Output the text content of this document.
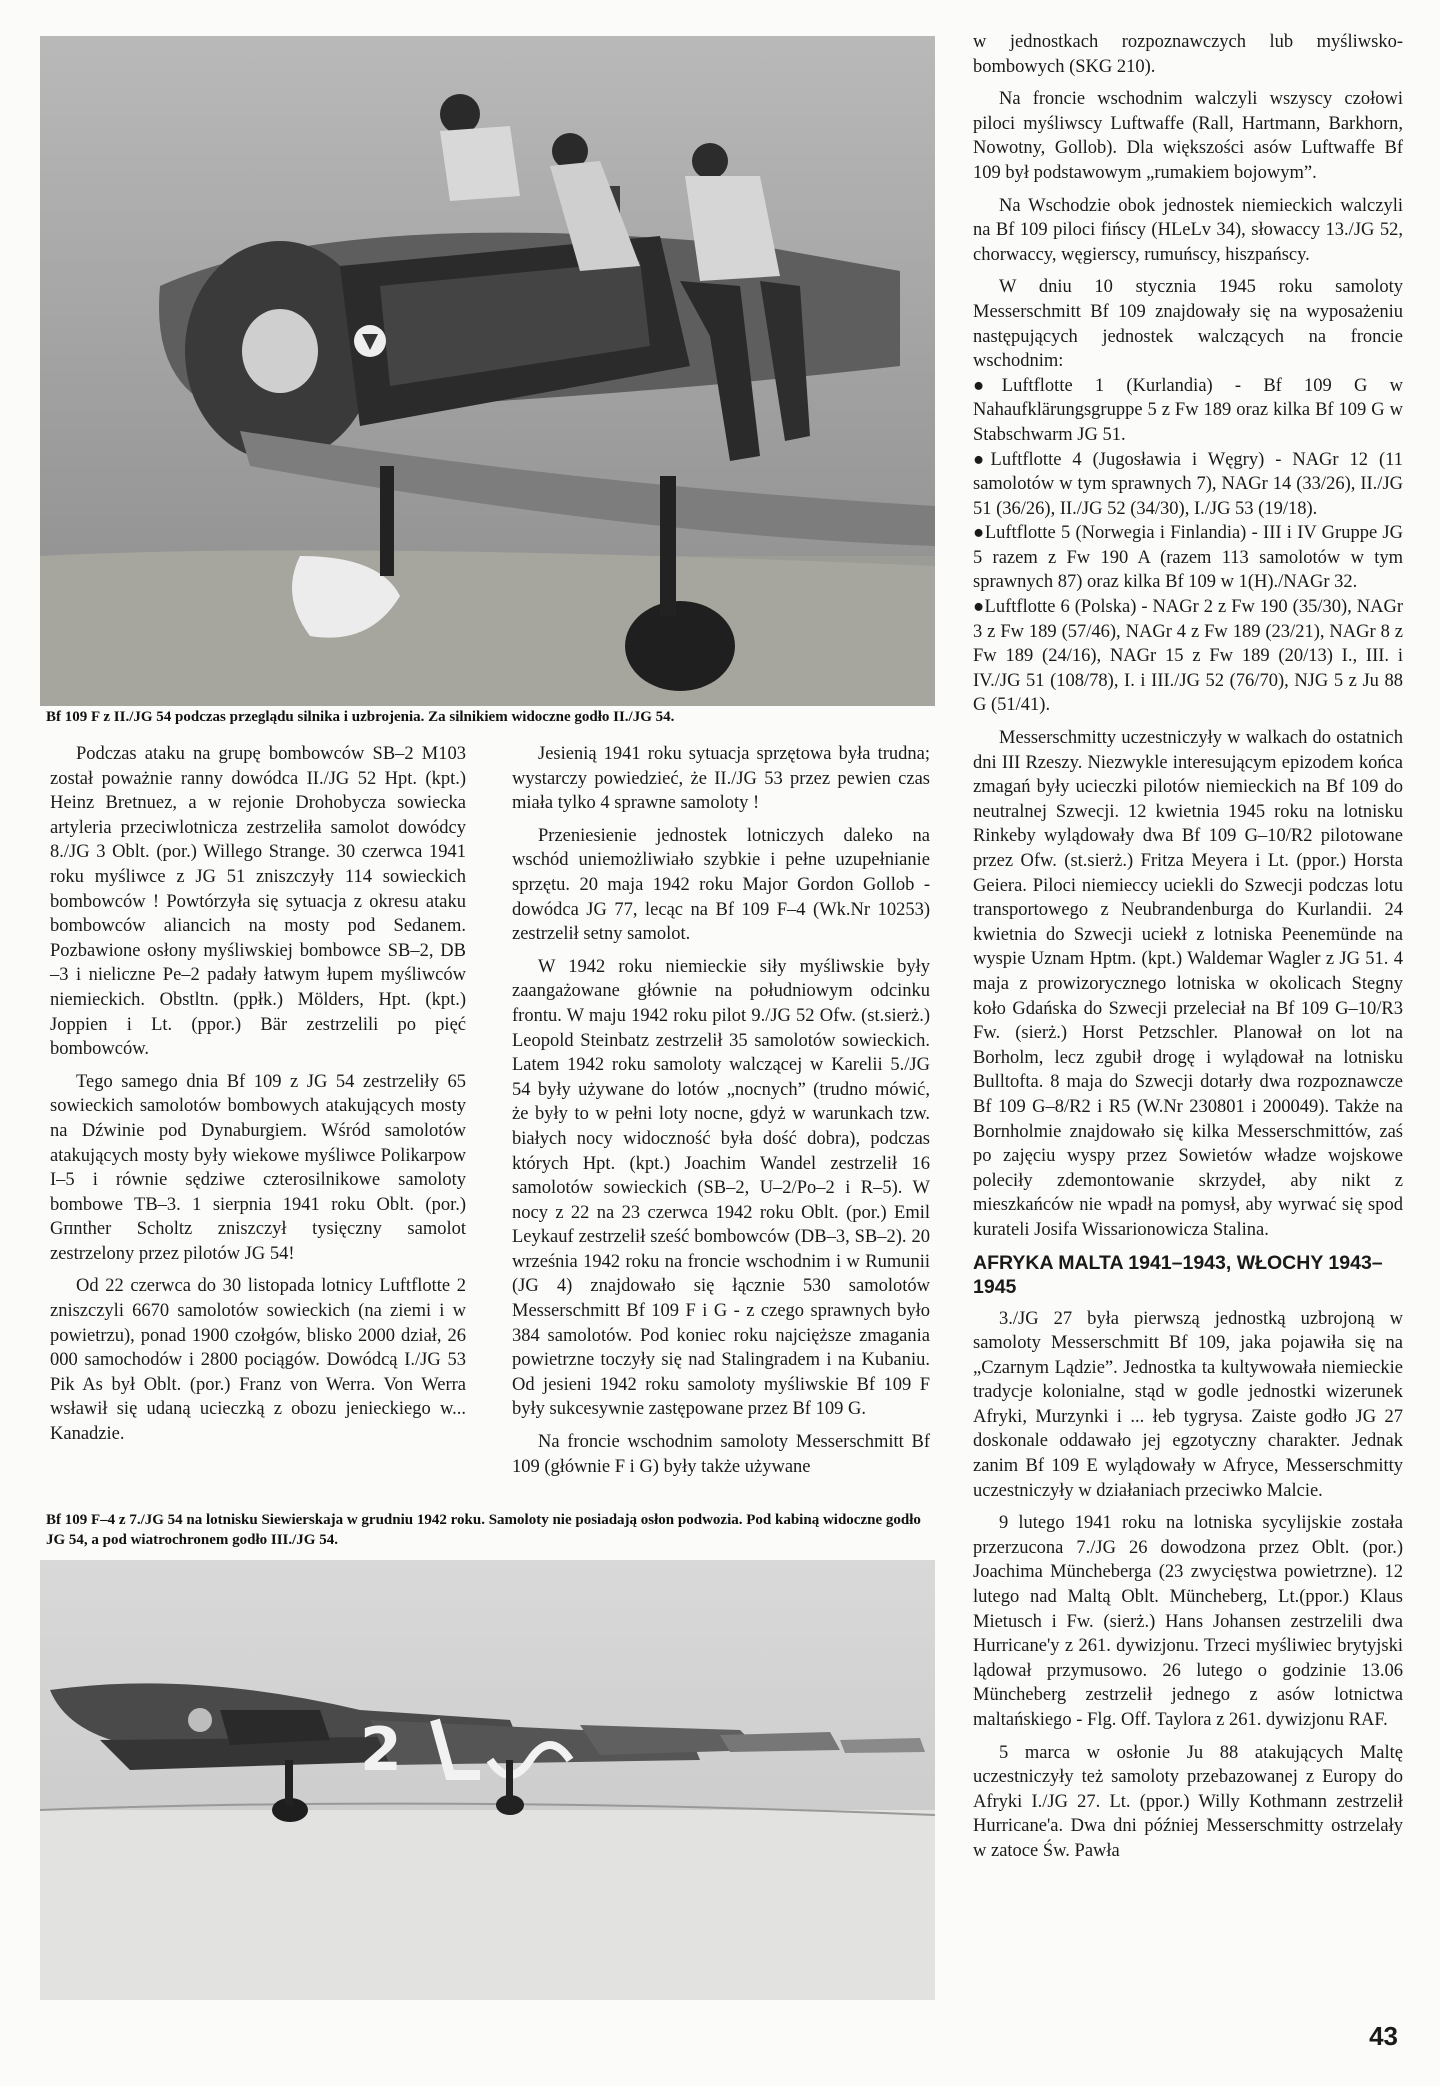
Bf 109 F z II./JG 54 podczas przeglądu silnika i uzbrojenia. Za silnikiem widoczne godło II./JG 54.

Podczas ataku na grupę bombowców SB–2 M103 został poważnie ranny dowódca II./JG 52 Hpt. (kpt.) Heinz Bretnuez, a w rejonie Drohobycza sowiecka artyleria przeciwlotnicza zestrzeliła samolot dowódcy 8./JG 3 Oblt. (por.) Willego Strange. 30 czerwca 1941 roku myśliwce z JG 51 zniszczyły 114 sowieckich bombowców ! Powtórzyła się sytuacja z okresu ataku bombowców aliancich na mosty pod Sedanem. Pozbawione osłony myśliwskiej bombowce SB–2, DB –3 i nieliczne Pe–2 padały łatwym łupem myśliwców niemieckich. Obstltn. (ppłk.) Mölders, Hpt. (kpt.) Joppien i Lt. (ppor.) Bär zestrzelili po pięć bombowców.

Tego samego dnia Bf 109 z JG 54 zestrzeliły 65 sowieckich samolotów bombowych atakujących mosty na Dźwinie pod Dynaburgiem. Wśród samolotów atakujących mosty były wiekowe myśliwce Polikarpow I–5 i równie sędziwe czterosilnikowe samoloty bombowe TB–3. 1 sierpnia 1941 roku Oblt. (por.) Gпnther Scholtz zniszczył tysięczny samolot zestrzelony przez pilotów JG 54!

Od 22 czerwca do 30 listopada lotnicy Luftflotte 2 zniszczyli 6670 samolotów sowieckich (na ziemi i w powietrzu), ponad 1900 czołgów, blisko 2000 dział, 26 000 samochodów i 2800 pociągów. Dowódcą I./JG 53 Pik As był Oblt. (por.) Franz von Werra. Von Werra wsławił się udaną ucieczką z obozu jenieckiego w... Kanadzie.

Jesienią 1941 roku sytuacja sprzętowa była trudna; wystarczy powiedzieć, że II./JG 53 przez pewien czas miała tylko 4 sprawne samoloty !

Przeniesienie jednostek lotniczych daleko na wschód uniemożliwiało szybkie i pełne uzupełnianie sprzętu. 20 maja 1942 roku Major Gordon Gollob - dowódca JG 77, lecąc na Bf 109 F–4 (Wk.Nr 10253) zestrzelił setny samolot.

W 1942 roku niemieckie siły myśliwskie były zaangażowane głównie na południowym odcinku frontu. W maju 1942 roku pilot 9./JG 52 Ofw. (st.sierż.) Leopold Steinbatz zestrzelił 35 samolotów sowieckich. Latem 1942 roku samoloty walczącej w Karelii 5./JG 54 były używane do lotów „nocnych” (trudno mówić, że były to w pełni loty nocne, gdyż w warunkach tzw. białych nocy widoczność była dość dobra), podczas których Hpt. (kpt.) Joachim Wandel zestrzelił 16 samolotów sowieckich (SB–2, U–2/Po–2 i R–5). W nocy z 22 na 23 czerwca 1942 roku Oblt. (por.) Emil Leykauf zestrzelił sześć bombowców (DB–3, SB–2). 20 września 1942 roku na froncie wschodnim i w Rumunii (JG 4) znajdowało się łącznie 530 samolotów Messerschmitt Bf 109 F i G - z czego sprawnych było 384 samolotów. Pod koniec roku najcięższe zmagania powietrzne toczyły się nad Stalingradem i na Kubaniu. Od jesieni 1942 roku samoloty myśliwskie Bf 109 F były sukcesywnie zastępowane przez Bf 109 G.

Na froncie wschodnim samoloty Messerschmitt Bf 109 (głównie F i G) były także używane

Bf 109 F–4 z 7./JG 54 na lotnisku Siewierskaja w grudniu 1942 roku. Samoloty nie posiadają osłon podwozia. Pod kabiną widoczne godło JG 54, a pod wiatrochronem godło III./JG 54.
2

w jednostkach rozpoznawczych lub myśliwsko-bombowych (SKG 210).

Na froncie wschodnim walczyli wszyscy czołowi piloci myśliwscy Luftwaffe (Rall, Hartmann, Barkhorn, Nowotny, Gollob). Dla większości asów Luftwaffe Bf 109 był podstawowym „rumakiem bojowym”.

Na Wschodzie obok jednostek niemieckich walczyli na Bf 109 piloci fińscy (HLeLv 34), słowaccy 13./JG 52, chorwaccy, węgierscy, rumuńscy, hiszpańscy.

W dniu 10 stycznia 1945 roku samoloty Messerschmitt Bf 109 znajdowały się na wyposażeniu następujących jednostek walczących na froncie wschodnim:

●Luftflotte 1 (Kurlandia) - Bf 109 G w Nahaufklärungsgruppe 5 z Fw 189 oraz kilka Bf 109 G w Stabschwarm JG 51.

●Luftflotte 4 (Jugosławia i Węgry) - NAGr 12 (11 samolotów w tym sprawnych 7), NAGr 14 (33/26), II./JG 51 (36/26), II./JG 52 (34/30), I./JG 53 (19/18).

●Luftflotte 5 (Norwegia i Finlandia) - III i IV Gruppe JG 5 razem z Fw 190 A (razem 113 samolotów w tym sprawnych 87) oraz kilka Bf 109 w 1(H)./NAGr 32.

●Luftflotte 6 (Polska) - NAGr 2 z Fw 190 (35/30), NAGr 3 z Fw 189 (57/46), NAGr 4 z Fw 189 (23/21), NAGr 8 z Fw 189 (24/16), NAGr 15 z Fw 189 (20/13) I., III. i IV./JG 51 (108/78), I. i III./JG 52 (76/70), NJG 5 z Ju 88 G (51/41).

Messerschmitty uczestniczyły w walkach do ostatnich dni III Rzeszy. Niezwykle interesującym epizodem końca zmagań były ucieczki pilotów niemieckich na Bf 109 do neutralnej Szwecji. 12 kwietnia 1945 roku na lotnisku Rinkeby wylądowały dwa Bf 109 G–10/R2 pilotowane przez Ofw. (st.sierż.) Fritza Meyera i Lt. (ppor.) Horsta Geiera. Piloci niemieccy uciekli do Szwecji podczas lotu transportowego z Neubrandenburga do Kurlandii. 24 kwietnia do Szwecji uciekł z lotniska Peenemünde na wyspie Uznam Hptm. (kpt.) Waldemar Wagler z JG 51. 4 maja z prowizorycznego lotniska w okolicach Stegny koło Gdańska do Szwecji przeleciał na Bf 109 G–10/R3 Fw. (sierż.) Horst Petzschler. Planował on lot na Borholm, lecz zgubił drogę i wylądował na lotnisku Bulltofta. 8 maja do Szwecji dotarły dwa rozpoznawcze Bf 109 G–8/R2 i R5 (W.Nr 230801 i 200049). Także na Bornholmie znajdowało się kilka Messerschmittów, zaś po zajęciu wyspy przez Sowietów władze wojskowe poleciły zdemontowanie skrzydeł, aby nikt z mieszkańców nie wpadł na pomysł, aby wyrwać się spod kurateli Josifa Wissarionowicza Stalina.

AFRYKA MALTA 1941–1943, WŁOCHY 1943–1945

3./JG 27 była pierwszą jednostką uzbrojoną w samoloty Messerschmitt Bf 109, jaka pojawiła się na „Czarnym Lądzie”. Jednostka ta kultywowała niemieckie tradycje kolonialne, stąd w godle jednostki wizerunek Afryki, Murzynki i ... łeb tygrysa. Zaiste godło JG 27 doskonale oddawało jej egzotyczny charakter. Jednak zanim Bf 109 E wylądowały w Afryce, Messerschmitty uczestniczyły w działaniach przeciwko Malcie.

9 lutego 1941 roku na lotniska sycylijskie została przerzucona 7./JG 26 dowodzona przez Oblt. (por.) Joachima Müncheberga (23 zwycięstwa powietrzne). 12 lutego nad Maltą Oblt. Müncheberg, Lt.(ppor.) Klaus Mietusch i Fw. (sierż.) Hans Johansen zestrzelili dwa Hurricane'y z 261. dywizjonu. Trzeci myśliwiec brytyjski lądował przymusowo. 26 lutego o godzinie 13.06 Müncheberg zestrzelił jednego z asów lotnictwa maltańskiego - Flg. Off. Taylora z 261. dywizjonu RAF.

5 marca w osłonie Ju 88 atakujących Maltę uczestniczyły też samoloty przebazowanej z Europy do Afryki I./JG 27. Lt. (ppor.) Willy Kothmann zestrzelił Hurricane'a. Dwa dni później Messerschmitty ostrzelały w zatoce Św. Pawła

43
